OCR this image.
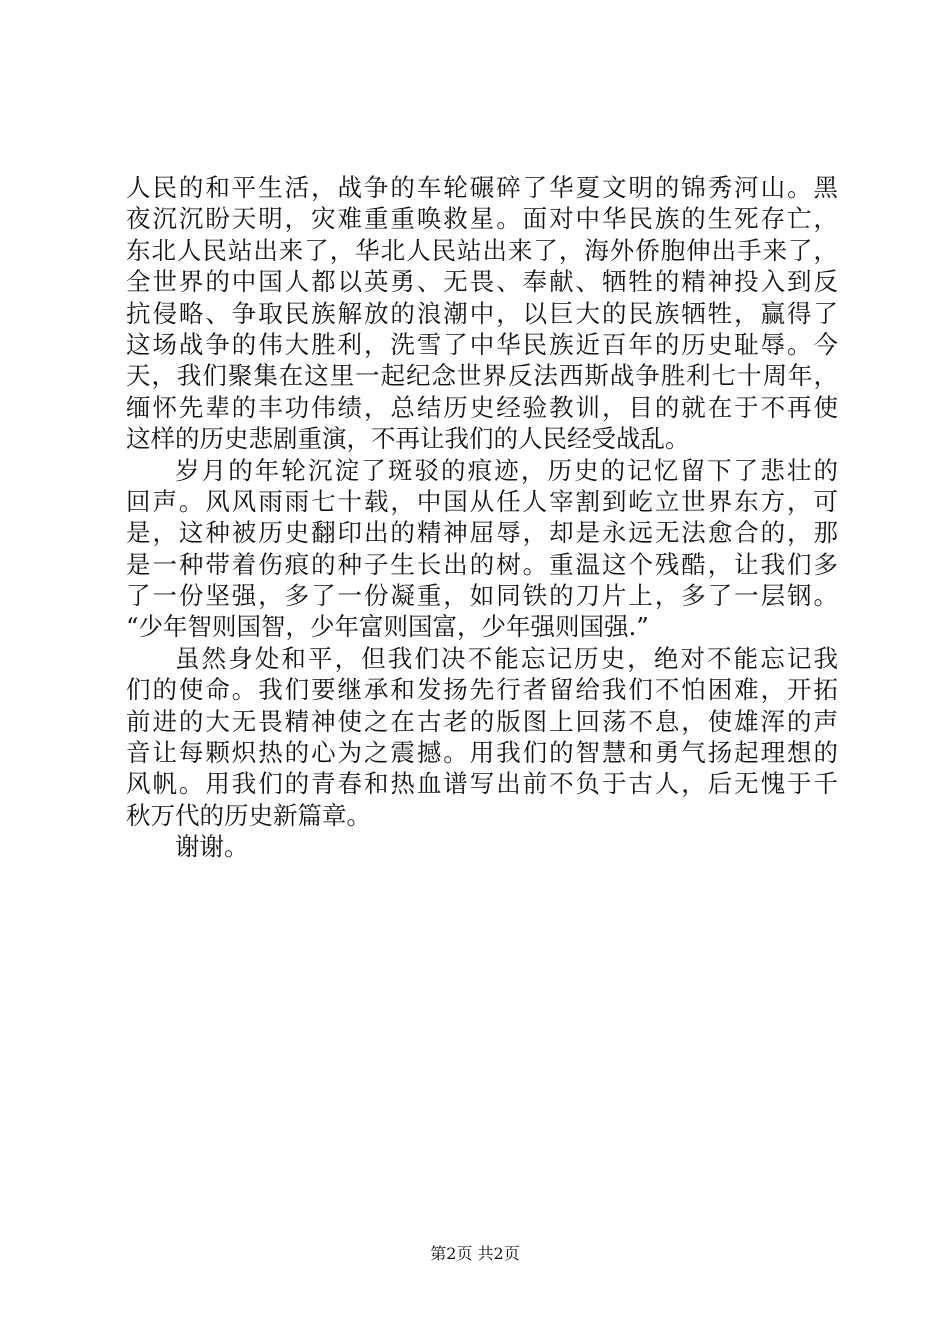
人民的和平生活，战争的车轮碾碎了华夏文明的锦秀河山。黑
夜沉沉盼天明，灾难重重唤救星。面对中华民族的生死存亡，
东北人民站出来了，华北人民站出来了，海外侨胞伸出手来了，
全世界的中国人都以英勇、无畏、奉献、牺牲的精神投入到反
抗侵略、争取民族解放的浪潮中，以巨大的民族牺牲，赢得了
这场战争的伟大胜利，洗雪了中华民族近百年的历史耻辱。今
天，我们聚集在这里一起纪念世界反法西斯战争胜利七十周年，
缅怀先辈的丰功伟绩，总结历史经验教训，目的就在于不再使
这样的历史悲剧重演，不再让我们的人民经受战乱。
岁月的年轮沉淀了斑驳的痕迹，历史的记忆留下了悲壮的
回声。风风雨雨七十载，中国从任人宰割到屹立世界东方，可
是，这种被历史翻印出的精神屈辱，却是永远无法愈合的，那
是一种带着伤痕的种子生长出的树。重温这个残酷，让我们多
了一份坚强，多了一份凝重，如同铁的刀片上，多了一层钢。
“少年智则国智，少年富则国富，少年强则国强.”
虽然身处和平，但我们决不能忘记历史，绝对不能忘记我
们的使命。我们要继承和发扬先行者留给我们不怕困难，开拓
前进的大无畏精神使之在古老的版图上回荡不息，使雄浑的声
音让每颗炽热的心为之震撼。用我们的智慧和勇气扬起理想的
风帆。用我们的青春和热血谱写出前不负于古人，后无愧于千
秋万代的历史新篇章。
谢谢。
第2页 共2页
